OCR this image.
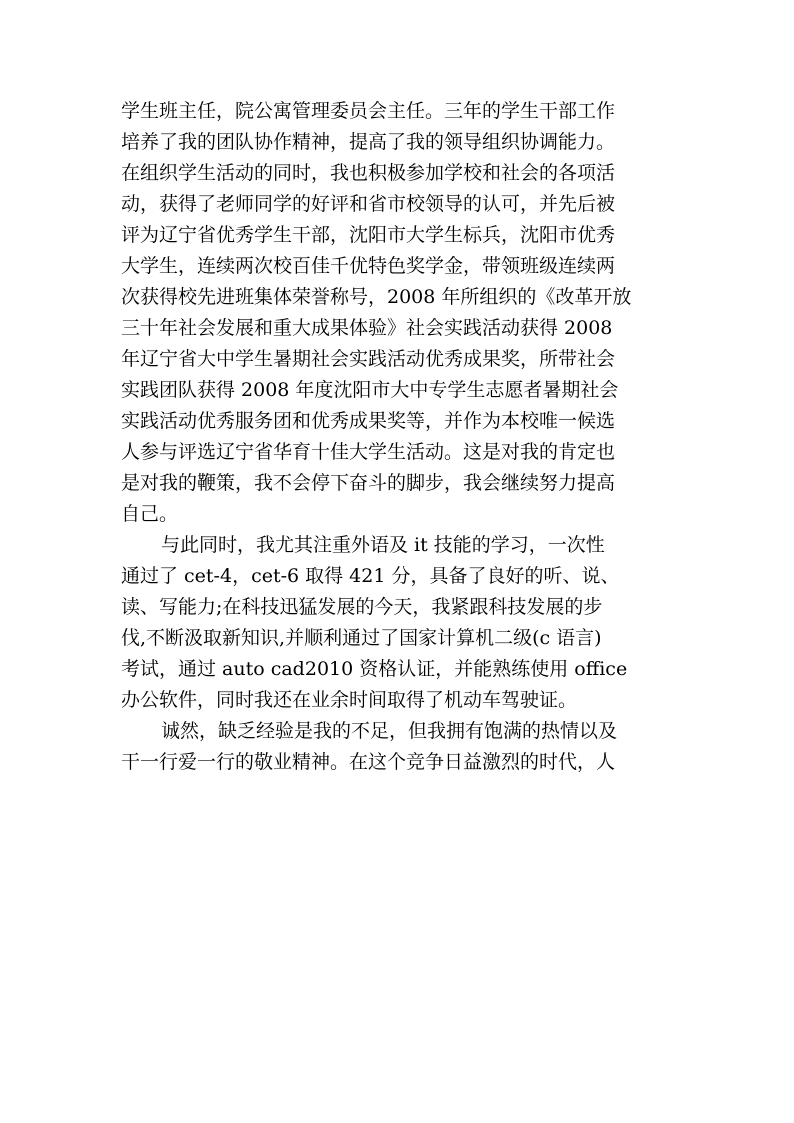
学生班主任，院公寓管理委员会主任。三年的学生干部工作
培养了我的团队协作精神，提高了我的领导组织协调能力。
在组织学生活动的同时，我也积极参加学校和社会的各项活
动，获得了老师同学的好评和省市校领导的认可，并先后被
评为辽宁省优秀学生干部，沈阳市大学生标兵，沈阳市优秀
大学生，连续两次校百佳千优特色奖学金，带领班级连续两
次获得校先进班集体荣誉称号，2008 年所组织的《改革开放
三十年社会发展和重大成果体验》社会实践活动获得 2008
年辽宁省大中学生暑期社会实践活动优秀成果奖，所带社会
实践团队获得 2008 年度沈阳市大中专学生志愿者暑期社会
实践活动优秀服务团和优秀成果奖等，并作为本校唯一候选
人参与评选辽宁省华育十佳大学生活动。这是对我的肯定也
是对我的鞭策，我不会停下奋斗的脚步，我会继续努力提高
自己。
与此同时，我尤其注重外语及 it 技能的学习，一次性
通过了 cet-4，cet-6 取得 421 分，具备了良好的听、说、
读、写能力;在科技迅猛发展的今天，我紧跟科技发展的步
伐,不断汲取新知识,并顺利通过了国家计算机二级(c 语言)
考试，通过 auto cad2010 资格认证，并能熟练使用 office
办公软件，同时我还在业余时间取得了机动车驾驶证。
诚然，缺乏经验是我的不足，但我拥有饱满的热情以及
干一行爱一行的敬业精神。在这个竞争日益激烈的时代，人
